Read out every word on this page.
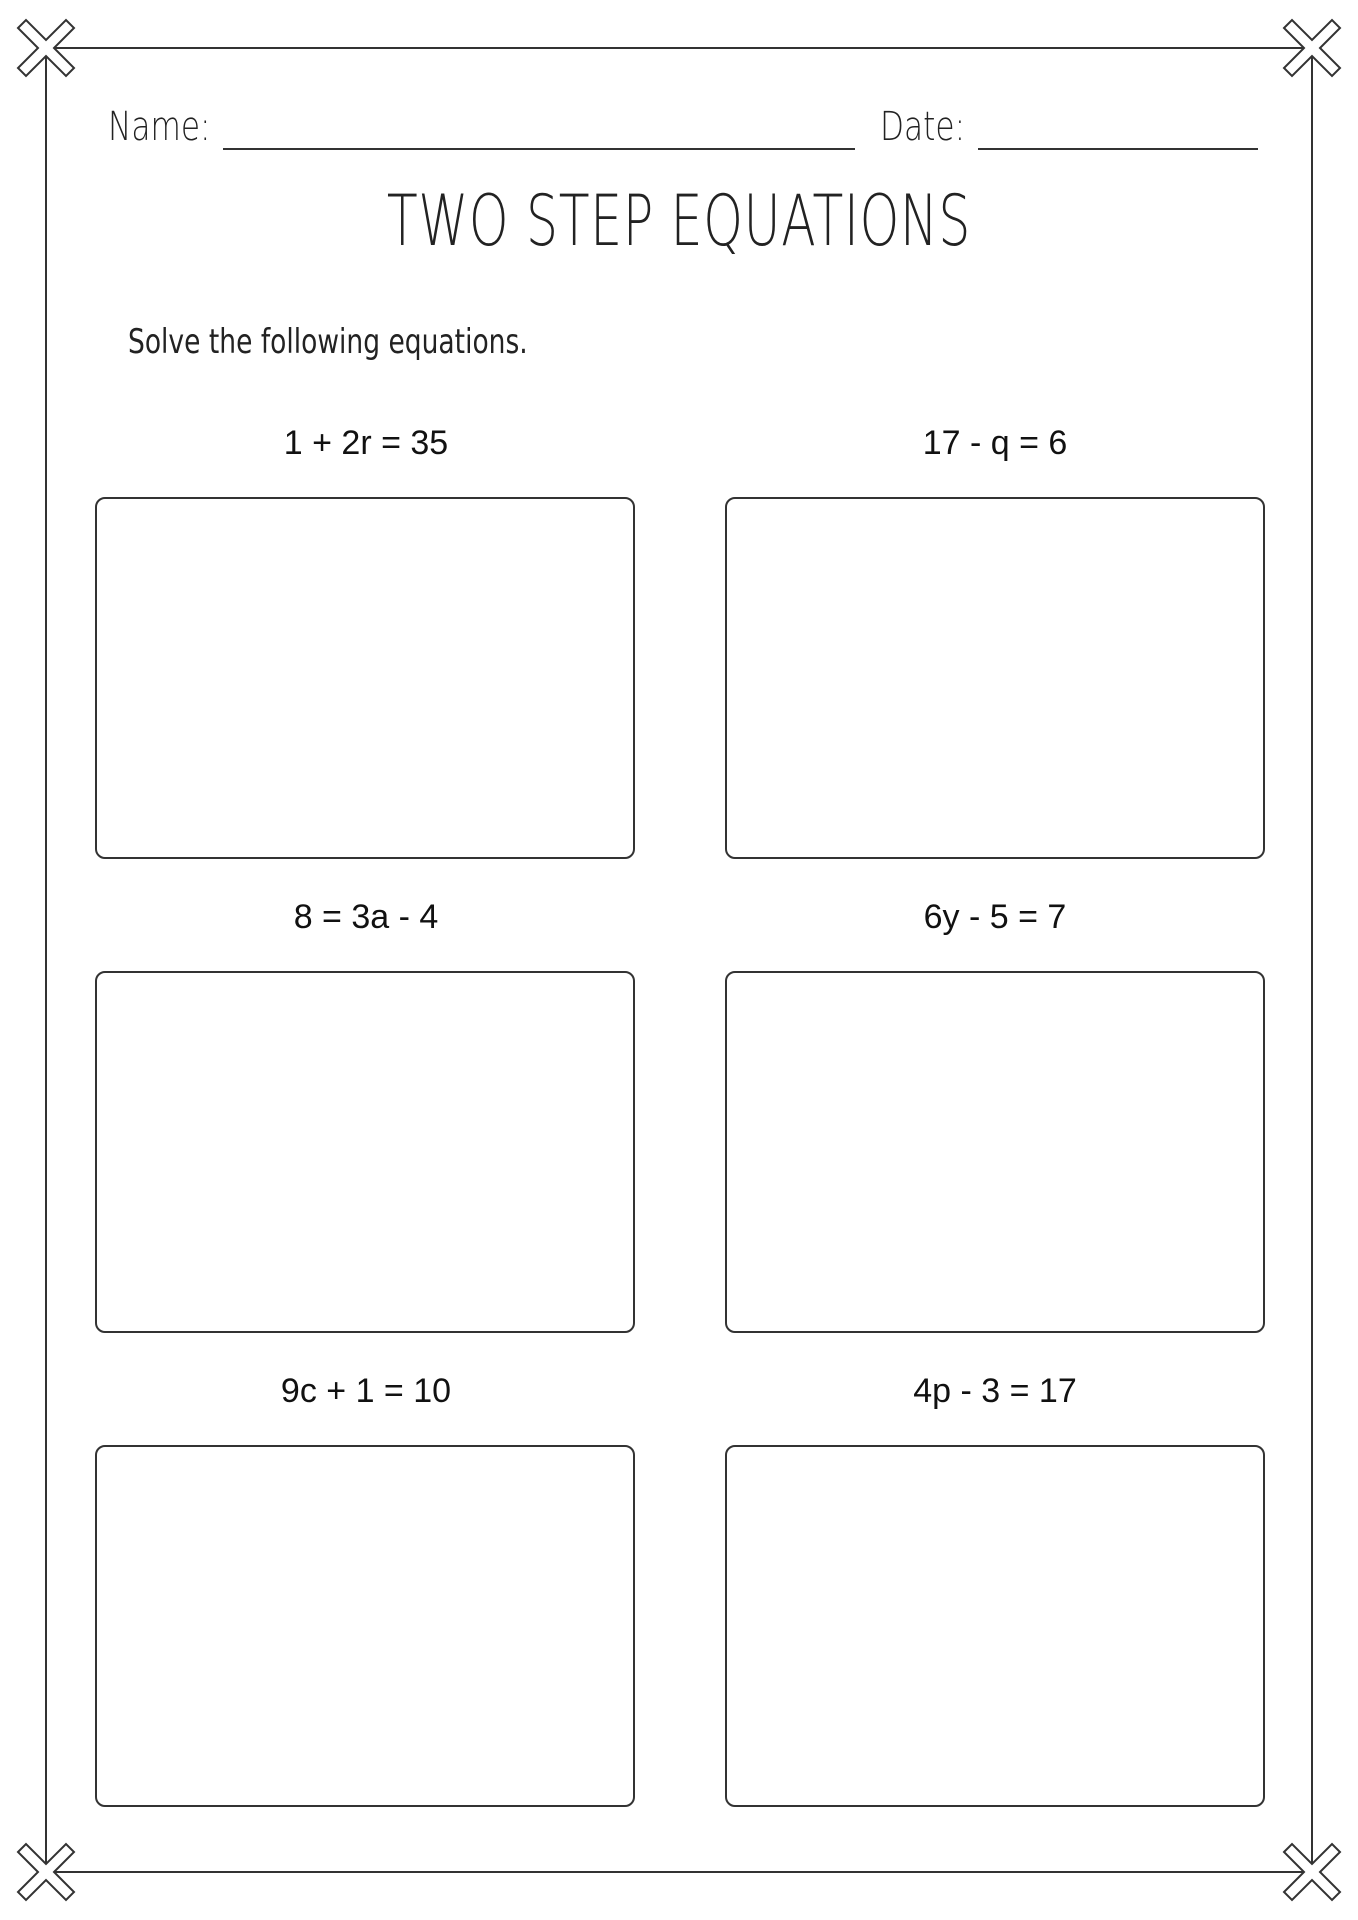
Name:	Date:
TWO STEP EQUATIONS
Solve the following equations.
1 + 2r = 35	17 - q = 6
8 = 3a - 4	6y - 5 = 7
9c + 1 = 10	4p - 3 = 17
